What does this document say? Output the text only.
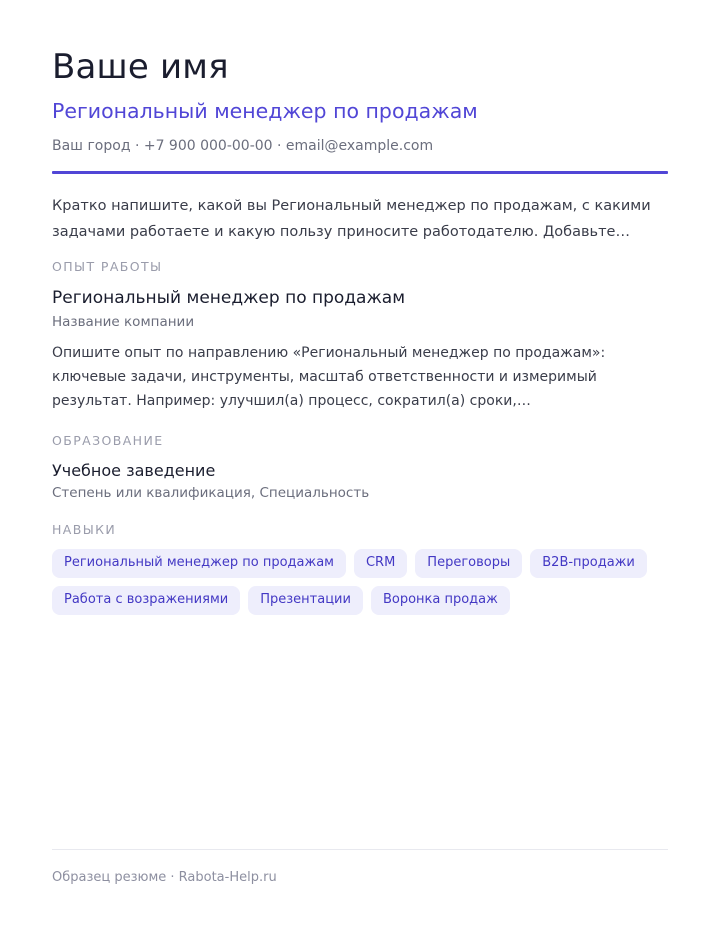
Ваше имя
Региональный менеджер по продажам
Ваш город · +7 900 000-00-00 · email@example.com

Кратко напишите, какой вы Региональный менеджер по продажам, с какими задачами работаете и какую пользу приносите работодателю. Добавьте…

ОПЫТ РАБОТЫ
Региональный менеджер по продажам
Название компании

Опишите опыт по направлению «Региональный менеджер по продажам»: ключевые задачи, инструменты, масштаб ответственности и измеримый результат. Например: улучшил(а) процесс, сократил(а) сроки,…

ОБРАЗОВАНИЕ
Учебное заведение
Степень или квалификация, Специальность
НАВЫКИ
Региональный менеджер по продажам	CRM	Переговоры	B2B-продажи
Работа с возражениями	Презентации	Воронка продаж
Образец резюме · Rabota-Help.ru
